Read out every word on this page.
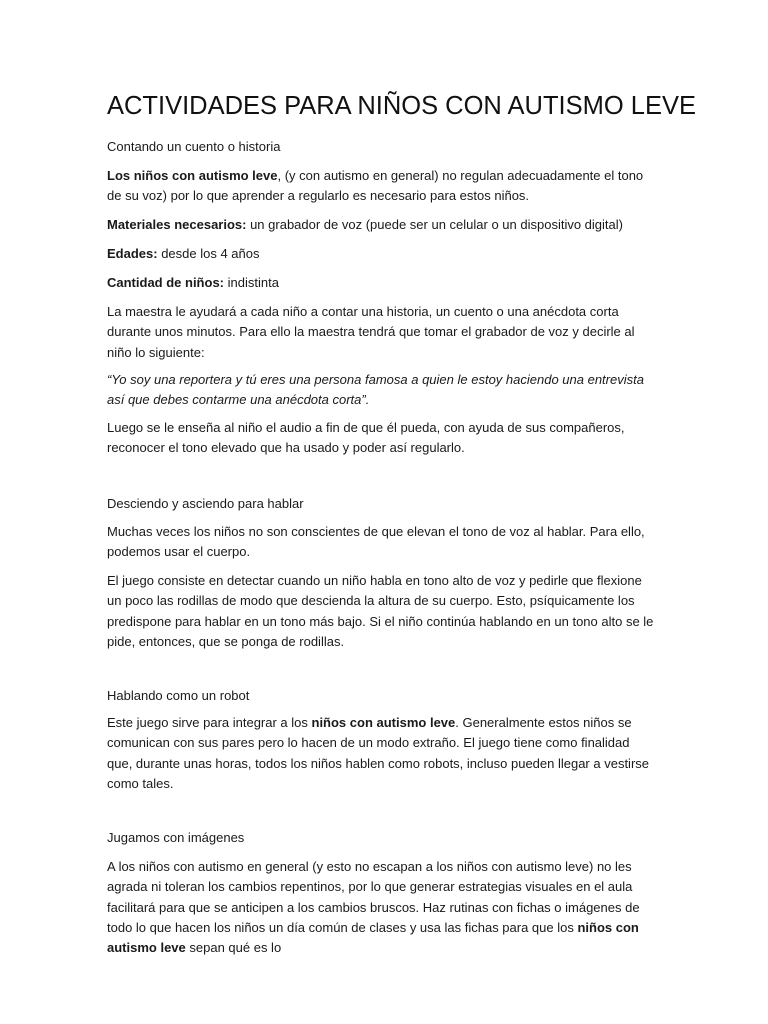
ACTIVIDADES PARA NIÑOS CON AUTISMO LEVE
Contando un cuento o historia
Los niños con autismo leve, (y con autismo en general) no regulan adecuadamente el tono de su voz) por lo que aprender a regularlo es necesario para estos niños.
Materiales necesarios: un grabador de voz (puede ser un celular o un dispositivo digital)
Edades: desde los 4 años
Cantidad de niños: indistinta
La maestra le ayudará a cada niño a contar una historia, un cuento o una anécdota corta durante unos minutos. Para ello la maestra tendrá que tomar el grabador de voz y decirle al niño lo siguiente:
“Yo soy una reportera y tú eres una persona famosa a quien le estoy haciendo una entrevista así que debes contarme una anécdota corta”.
Luego se le enseña al niño el audio a fin de que él pueda, con ayuda de sus compañeros, reconocer el tono elevado que ha usado y poder así regularlo.
Desciendo y asciendo para hablar
Muchas veces los niños no son conscientes de que elevan el tono de voz al hablar. Para ello, podemos usar el cuerpo.
El juego consiste en detectar cuando un niño habla en tono alto de voz y pedirle que flexione un poco las rodillas de modo que descienda la altura de su cuerpo. Esto, psíquicamente los predispone para hablar en un tono más bajo. Si el niño continúa hablando en un tono alto se le pide, entonces, que se ponga de rodillas.
Hablando como un robot
Este juego sirve para integrar a los niños con autismo leve. Generalmente estos niños se comunican con sus pares pero lo hacen de un modo extraño. El juego tiene como finalidad que, durante unas horas, todos los niños hablen como robots, incluso pueden llegar a vestirse como tales.
Jugamos con imágenes
A los niños con autismo en general (y esto no escapan a los niños con autismo leve) no les agrada ni toleran los cambios repentinos, por lo que generar estrategias visuales en el aula facilitará para que se anticipen a los cambios bruscos. Haz rutinas con fichas o imágenes de todo lo que hacen los niños un día común de clases y usa las fichas para que los niños con autismo leve sepan qué es lo
